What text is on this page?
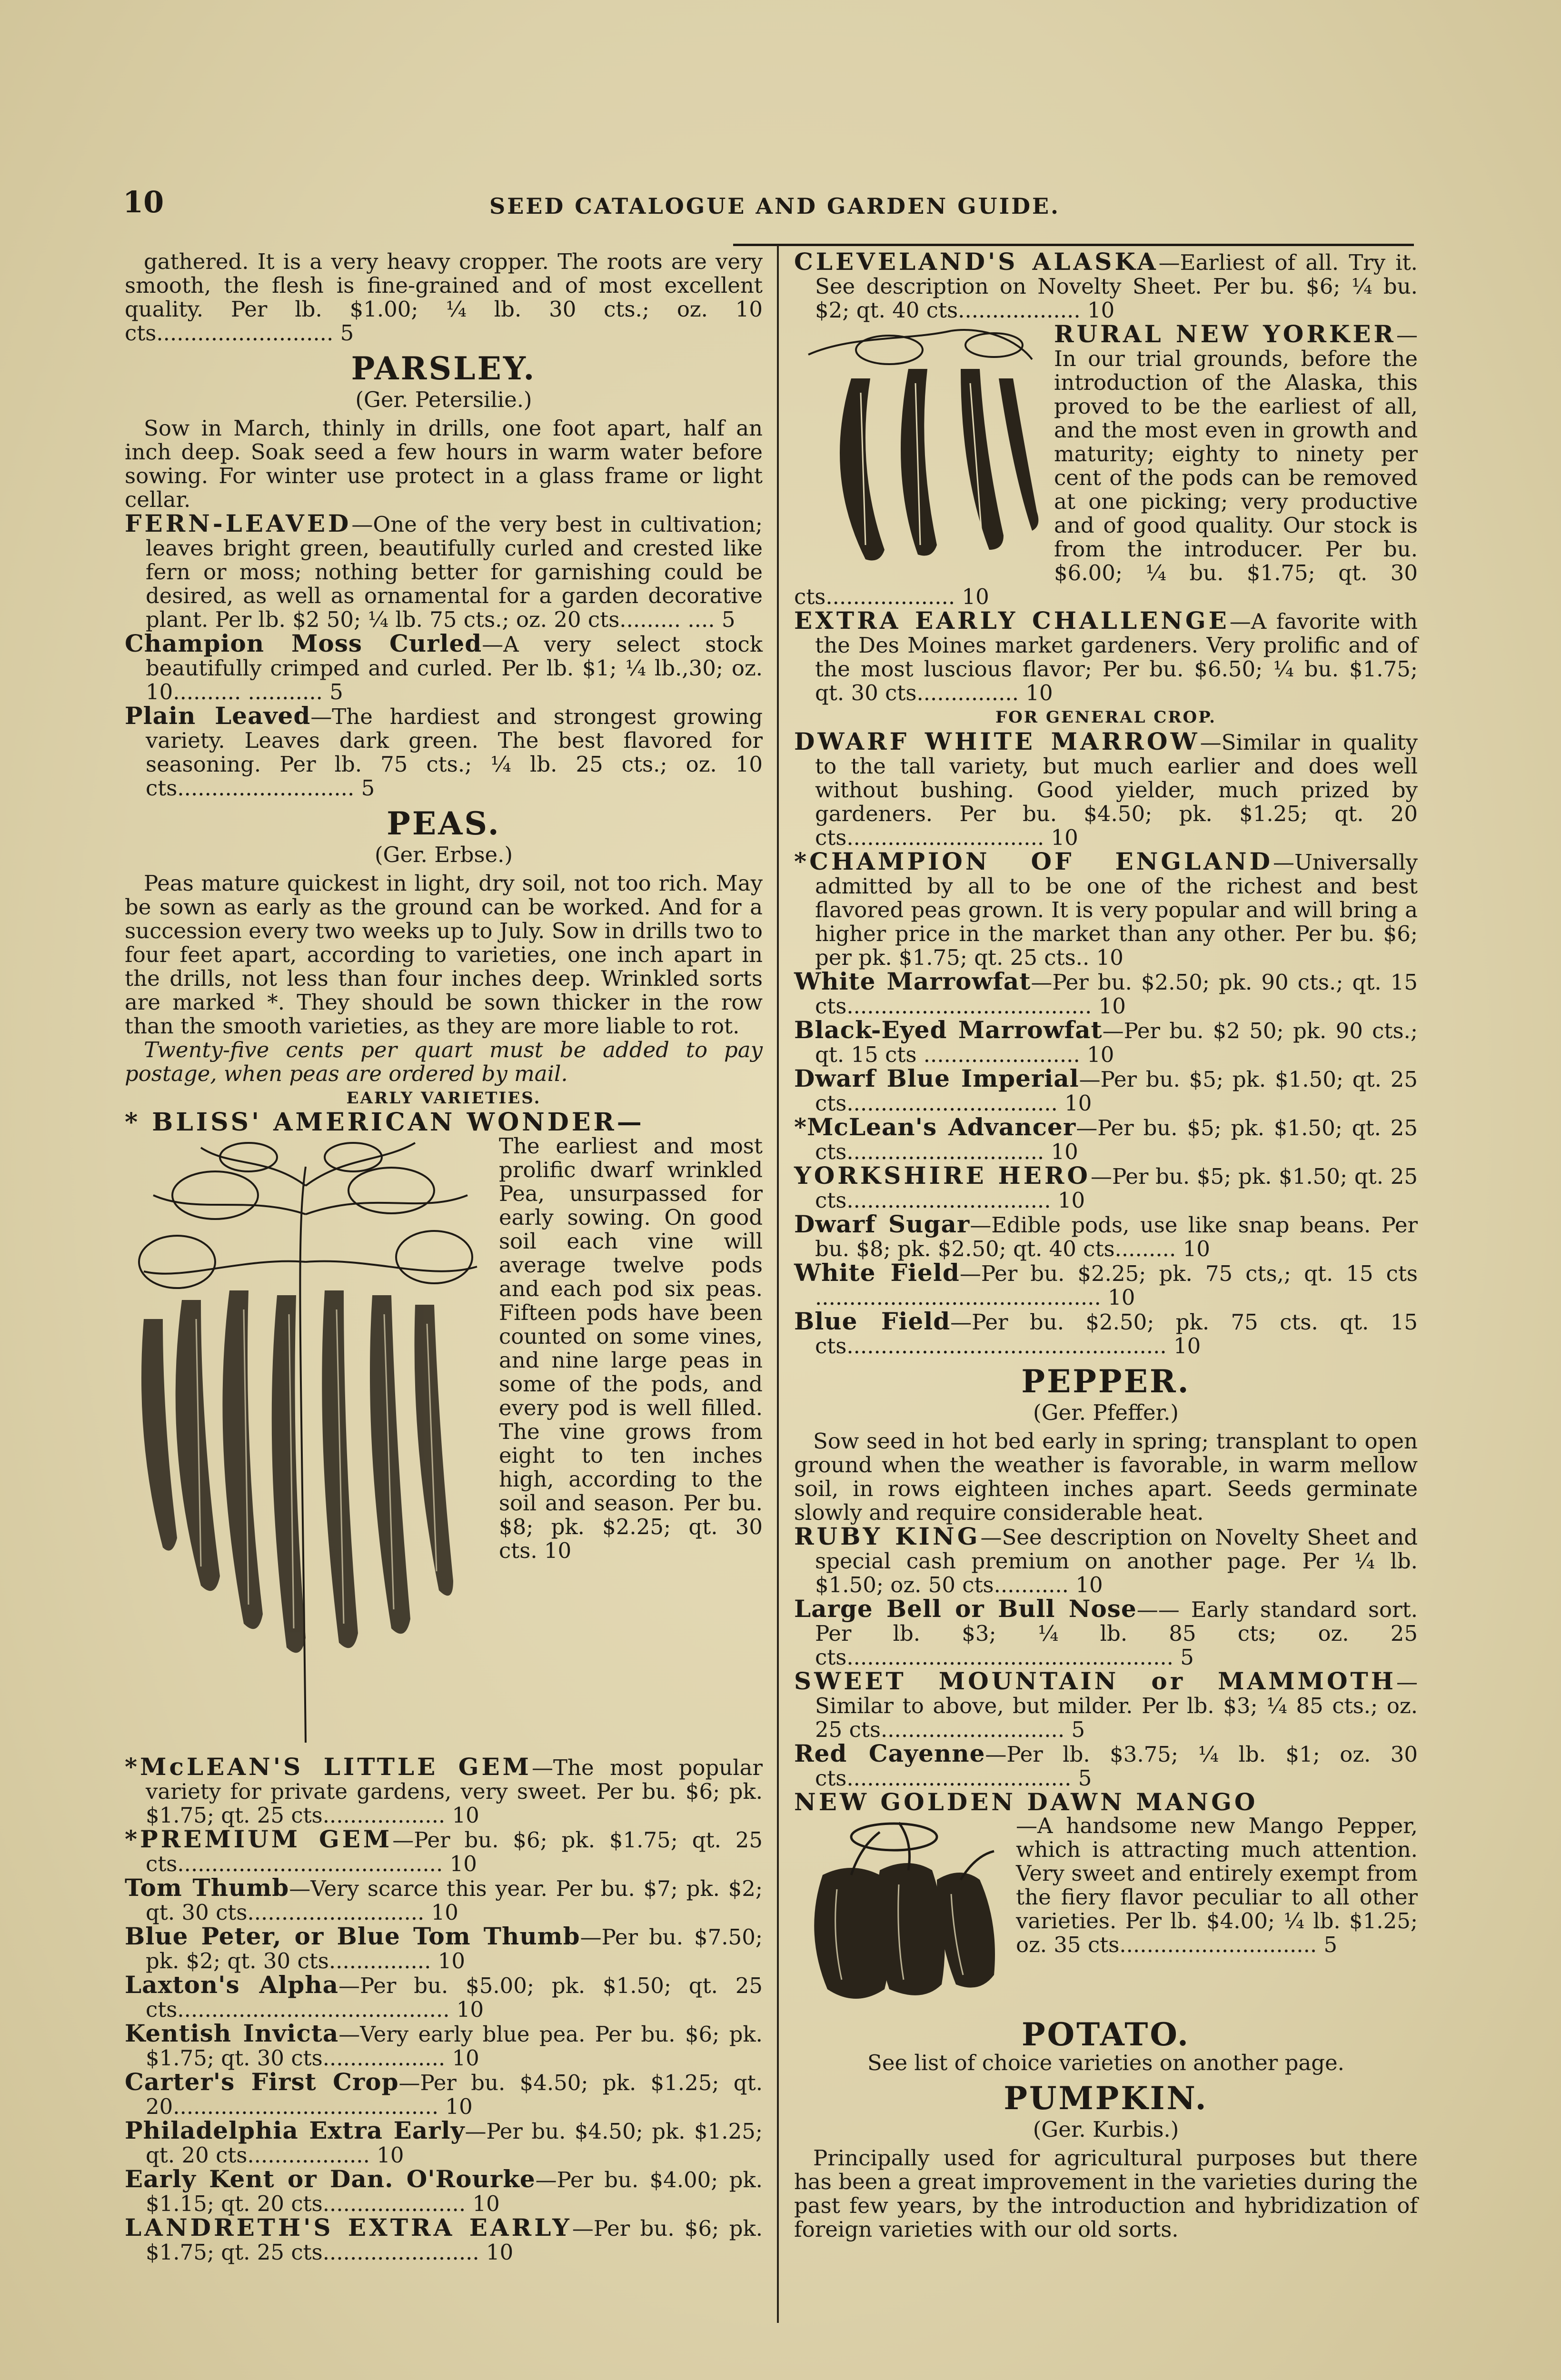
10	SEED CATALOGUE AND GARDEN GUIDE.

gathered. It is a very heavy cropper. The roots are very smooth, the flesh is fine-grained and of most excellent quality. Per lb. $1.00; ¼ lb. 30 cts.; oz. 10 cts.......................... 5

PARSLEY.
(Ger. Petersilie.)

Sow in March, thinly in drills, one foot apart, half an inch deep. Soak seed a few hours in warm water before sowing. For winter use protect in a glass frame or light cellar.

FERN-LEAVED—One of the very best in cultivation; leaves bright green, beautifully curled and crested like fern or moss; nothing better for garnishing could be desired, as well as ornamental for a garden decorative plant. Per lb. $2 50; ¼ lb. 75 cts.; oz. 20 cts......... .... 5

Champion Moss Curled—A very select stock beautifully crimped and curled. Per lb. $1; ¼ lb.,30; oz. 10.......... ........... 5

Plain Leaved—The hardiest and strongest growing variety. Leaves dark green. The best flavored for seasoning. Per lb. 75 cts.; ¼ lb. 25 cts.; oz. 10 cts.......................... 5

PEAS.
(Ger. Erbse.)

Peas mature quickest in light, dry soil, not too rich. May be sown as early as the ground can be worked. And for a succession every two weeks up to July. Sow in drills two to four feet apart, according to varieties, one inch apart in the drills, not less than four inches deep. Wrinkled sorts are marked *. They should be sown thicker in the row than the smooth varieties, as they are more liable to rot.

Twenty-five cents per quart must be added to pay postage, when peas are ordered by mail.

EARLY VARIETIES.
* BLISS' AMERICAN WONDER—

The earliest and most prolific dwarf wrinkled Pea, unsurpassed for early sowing. On good soil each vine will average twelve pods and each pod six peas. Fifteen pods have been counted on some vines, and nine large peas in some of the pods, and every pod is well filled. The vine grows from eight to ten inches high, according to the soil and season. Per bu. $8; pk. $2.25; qt. 30 cts. 10

*McLEAN'S LITTLE GEM—The most popular variety for private gardens, very sweet. Per bu. $6; pk. $1.75; qt. 25 cts.................. 10

*PREMIUM GEM—Per bu. $6; pk. $1.75; qt. 25 cts....................................... 10

Tom Thumb—Very scarce this year. Per bu. $7; pk. $2; qt. 30 cts.......................... 10

Blue Peter, or Blue Tom Thumb—Per bu. $7.50; pk. $2; qt. 30 cts............... 10

Laxton's Alpha—Per bu. $5.00; pk. $1.50; qt. 25 cts........................................ 10

Kentish Invicta—Very early blue pea. Per bu. $6; pk. $1.75; qt. 30 cts.................. 10

Carter's First Crop—Per bu. $4.50; pk. $1.25; qt. 20....................................... 10

Philadelphia Extra Early—Per bu. $4.50; pk. $1.25; qt. 20 cts.................. 10

Early Kent or Dan. O'Rourke—Per bu. $4.00; pk. $1.15; qt. 20 cts..................... 10

LANDRETH'S EXTRA EARLY—Per bu. $6; pk. $1.75; qt. 25 cts....................... 10

CLEVELAND'S ALASKA—Earliest of all. Try it. See description on Novelty Sheet. Per bu. $6; ¼ bu. $2; qt. 40 cts.................. 10

RURAL NEW YORKER—In our trial grounds, before the introduction of the Alaska, this proved to be the earliest of all, and the most even in growth and maturity; eighty to ninety per cent of the pods can be removed at one picking; very productive and of good quality. Our stock is from the introducer. Per bu. $6.00; ¼ bu. $1.75; qt. 30 cts................... 10

EXTRA EARLY CHALLENGE—A favorite with the Des Moines market gardeners. Very prolific and of the most luscious flavor; Per bu. $6.50; ¼ bu. $1.75; qt. 30 cts............... 10

FOR GENERAL CROP.

DWARF WHITE MARROW—Similar in quality to the tall variety, but much earlier and does well without bushing. Good yielder, much prized by gardeners. Per bu. $4.50; pk. $1.25; qt. 20 cts............................. 10

*CHAMPION OF ENGLAND—Universally admitted by all to be one of the richest and best flavored peas grown. It is very popular and will bring a higher price in the market than any other. Per bu. $6; per pk. $1.75; qt. 25 cts.. 10

White Marrowfat—Per bu. $2.50; pk. 90 cts.; qt. 15 cts.................................... 10

Black-Eyed Marrowfat—Per bu. $2 50; pk. 90 cts.; qt. 15 cts ....................... 10

Dwarf Blue Imperial—Per bu. $5; pk. $1.50; qt. 25 cts............................... 10

*McLean's Advancer—Per bu. $5; pk. $1.50; qt. 25 cts............................. 10

YORKSHIRE HERO—Per bu. $5; pk. $1.50; qt. 25 cts.............................. 10

Dwarf Sugar—Edible pods, use like snap beans. Per bu. $8; pk. $2.50; qt. 40 cts......... 10

White Field—Per bu. $2.25; pk. 75 cts,; qt. 15 cts .......................................... 10

Blue Field—Per bu. $2.50; pk. 75 cts. qt. 15 cts............................................... 10

PEPPER.
(Ger. Pfeffer.)

Sow seed in hot bed early in spring; transplant to open ground when the weather is favorable, in warm mellow soil, in rows eighteen inches apart. Seeds germinate slowly and require considerable heat.

RUBY KING—See description on Novelty Sheet and special cash premium on another page. Per ¼ lb. $1.50; oz. 50 cts........... 10

Large Bell or Bull Nose—— Early standard sort. Per lb. $3; ¼ lb. 85 cts; oz. 25 cts................................................ 5

SWEET MOUNTAIN or MAMMOTH—Similar to above, but milder. Per lb. $3; ¼ 85 cts.; oz. 25 cts........................... 5

Red Cayenne—Per lb. $3.75; ¼ lb. $1; oz. 30 cts................................. 5

NEW GOLDEN DAWN MANGO

—A handsome new Mango Pepper, which is attracting much attention. Very sweet and entirely exempt from the fiery flavor peculiar to all other varieties. Per lb. $4.00; ¼ lb. $1.25; oz. 35 cts............................. 5

POTATO.

See list of choice varieties on another page.

PUMPKIN.
(Ger. Kurbis.)

Principally used for agricultural purposes but there has been a great improvement in the varieties during the past few years, by the introduction and hybridization of foreign varieties with our old sorts.
